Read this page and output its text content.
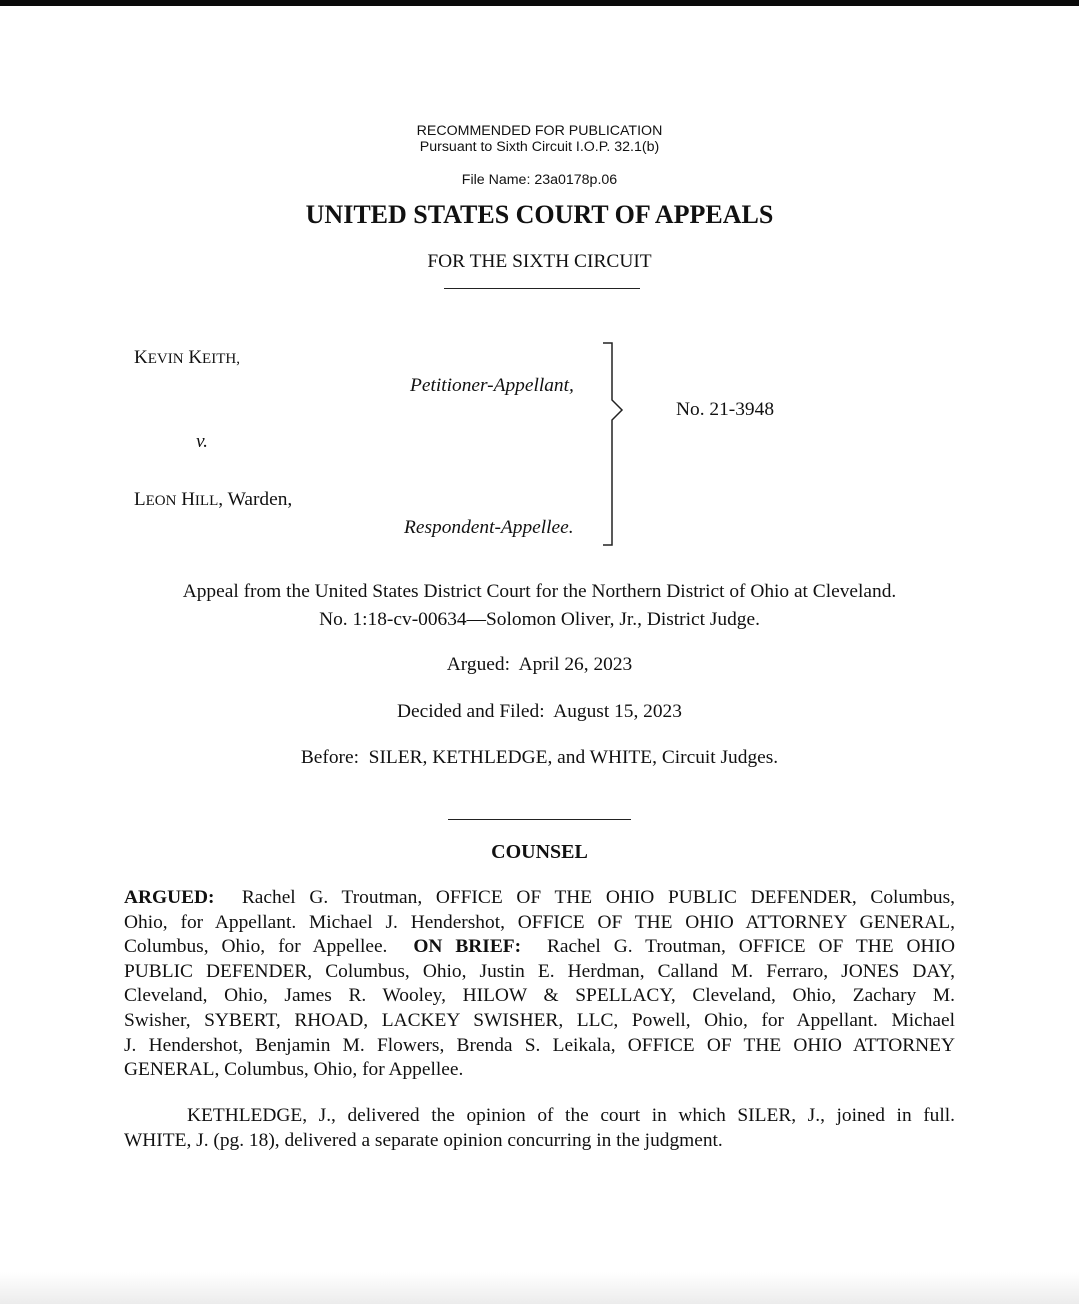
RECOMMENDED FOR PUBLICATION
Pursuant to Sixth Circuit I.O.P. 32.1(b)
File Name: 23a0178p.06
UNITED STATES COURT OF APPEALS
FOR THE SIXTH CIRCUIT
KEVIN KEITH,
Petitioner-Appellant,
v.
LEON HILL, Warden,
Respondent-Appellee.
No. 21-3948
Appeal from the United States District Court for the Northern District of Ohio at Cleveland.
No. 1:18-cv-00634—Solomon Oliver, Jr., District Judge.
Argued:  April 26, 2023
Decided and Filed:  August 15, 2023
Before:  SILER, KETHLEDGE, and WHITE, Circuit Judges.
COUNSEL
ARGUED: Rachel G. Troutman, OFFICE OF THE OHIO PUBLIC DEFENDER, Columbus,
Ohio, for Appellant. Michael J. Hendershot, OFFICE OF THE OHIO ATTORNEY GENERAL,
Columbus, Ohio, for Appellee. ON BRIEF: Rachel G. Troutman, OFFICE OF THE OHIO
PUBLIC DEFENDER, Columbus, Ohio, Justin E. Herdman, Calland M. Ferraro, JONES DAY,
Cleveland, Ohio, James R. Wooley, HILOW & SPELLACY, Cleveland, Ohio, Zachary M.
Swisher, SYBERT, RHOAD, LACKEY SWISHER, LLC, Powell, Ohio, for Appellant. Michael
J. Hendershot, Benjamin M. Flowers, Brenda S. Leikala, OFFICE OF THE OHIO ATTORNEY
GENERAL, Columbus, Ohio, for Appellee.
KETHLEDGE, J., delivered the opinion of the court in which SILER, J., joined in full.
WHITE, J. (pg. 18), delivered a separate opinion concurring in the judgment.
